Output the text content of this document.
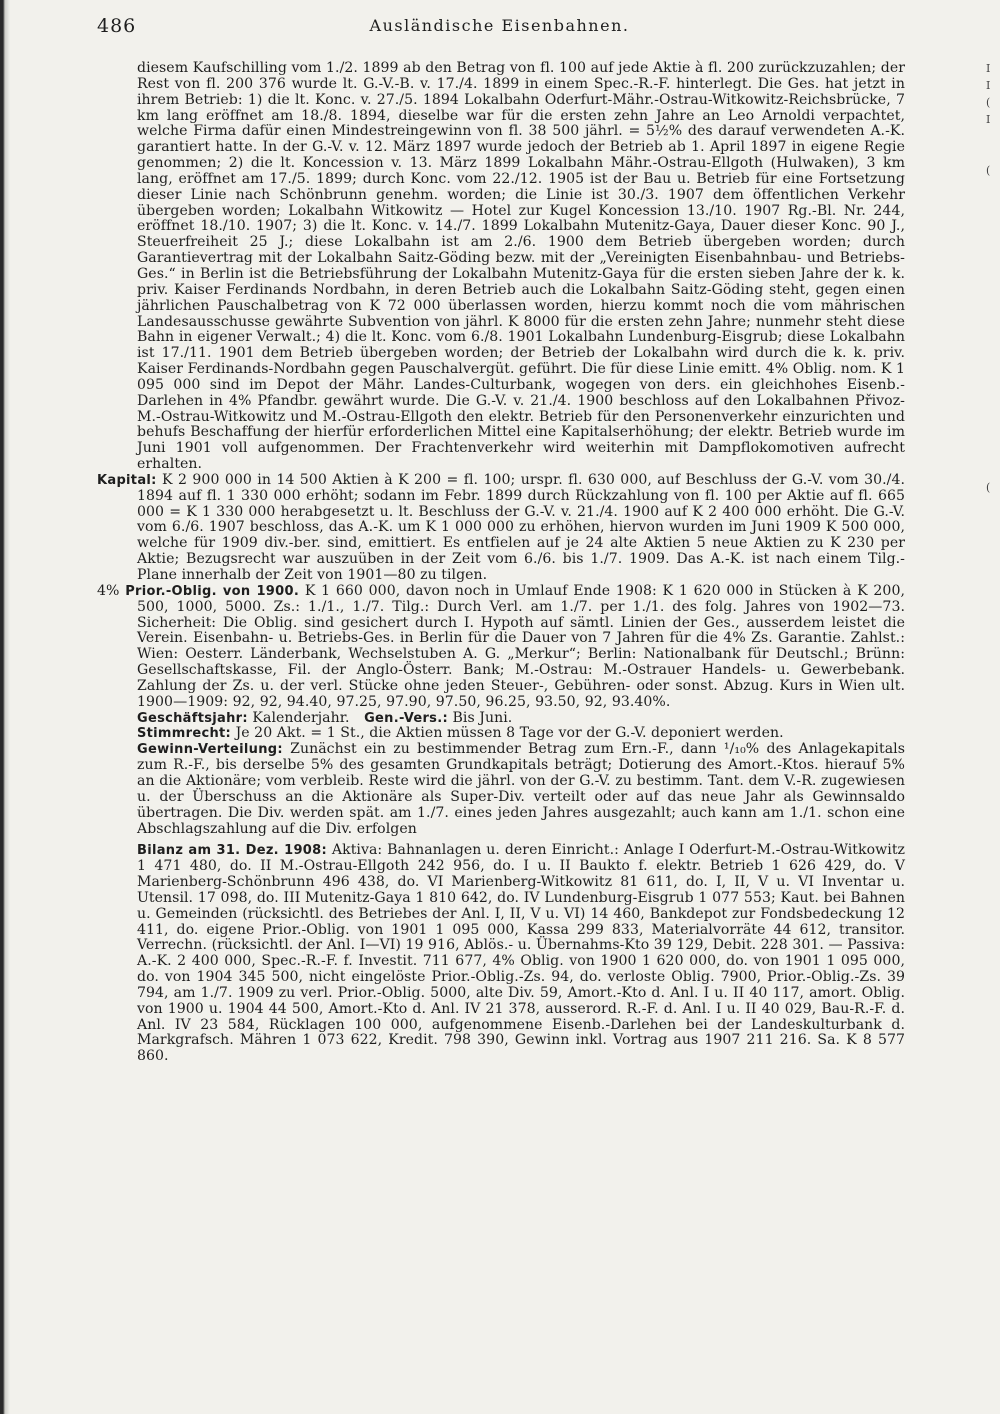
I
I
(
I
(
(
486	Ausländische Eisenbahnen.

diesem Kaufschilling vom 1./2. 1899 ab den Betrag von fl. 100 auf jede Aktie à fl. 200 zurückzuzahlen; der Rest von fl. 200 376 wurde lt. G.-V.-B. v. 17./4. 1899 in einem Spec.-R.-F. hinterlegt. Die Ges. hat jetzt in ihrem Betrieb: 1) die lt. Konc. v. 27./5. 1894 Lokalbahn Oderfurt-Mähr.-Ostrau-Witkowitz-Reichsbrücke, 7 km lang eröffnet am 18./8. 1894, dieselbe war für die ersten zehn Jahre an Leo Arnoldi verpachtet, welche Firma dafür einen Mindestreingewinn von fl. 38 500 jährl. = 5½% des darauf verwendeten A.-K. garantiert hatte. In der G.-V. v. 12. März 1897 wurde jedoch der Betrieb ab 1. April 1897 in eigene Regie genommen; 2) die lt. Koncession v. 13. März 1899 Lokalbahn Mähr.-Ostrau-Ellgoth (Hulwaken), 3 km lang, eröffnet am 17./5. 1899; durch Konc. vom 22./12. 1905 ist der Bau u. Betrieb für eine Fortsetzung dieser Linie nach Schönbrunn genehm. worden; die Linie ist 30./3. 1907 dem öffentlichen Verkehr übergeben worden; Lokalbahn Witkowitz — Hotel zur Kugel Koncession 13./10. 1907 Rg.-Bl. Nr. 244, eröffnet 18./10. 1907; 3) die lt. Konc. v. 14./7. 1899 Lokalbahn Mutenitz-Gaya, Dauer dieser Konc. 90 J., Steuerfreiheit 25 J.; diese Lokalbahn ist am 2./6. 1900 dem Betrieb übergeben worden; durch Garantievertrag mit der Lokalbahn Saitz-Göding bezw. mit der „Vereinigten Eisenbahnbau- und Betriebs-Ges.“ in Berlin ist die Betriebsführung der Lokalbahn Mutenitz-Gaya für die ersten sieben Jahre der k. k. priv. Kaiser Ferdinands Nordbahn, in deren Betrieb auch die Lokalbahn Saitz-Göding steht, gegen einen jährlichen Pauschalbetrag von K 72 000 überlassen worden, hierzu kommt noch die vom mährischen Landesausschusse gewährte Subvention von jährl. K 8000 für die ersten zehn Jahre; nunmehr steht diese Bahn in eigener Verwalt.; 4) die lt. Konc. vom 6./8. 1901 Lokalbahn Lundenburg-Eisgrub; diese Lokalbahn ist 17./11. 1901 dem Betrieb übergeben worden; der Betrieb der Lokalbahn wird durch die k. k. priv. Kaiser Ferdinands-Nordbahn gegen Pauschalvergüt. geführt. Die für diese Linie emitt. 4% Oblig. nom. K 1 095 000 sind im Depot der Mähr. Landes-Culturbank, wogegen von ders. ein gleichhohes Eisenb.-Darlehen in 4% Pfandbr. gewährt wurde. Die G.-V. v. 21./4. 1900 beschloss auf den Lokalbahnen Přivoz-M.-Ostrau-Witkowitz und M.-Ostrau-Ellgoth den elektr. Betrieb für den Personenverkehr einzurichten und behufs Beschaffung der hierfür erforderlichen Mittel eine Kapitalserhöhung; der elektr. Betrieb wurde im Juni 1901 voll aufgenommen. Der Frachtenverkehr wird weiterhin mit Dampflokomotiven aufrecht erhalten.

Kapital: K 2 900 000 in 14 500 Aktien à K 200 = fl. 100; urspr. fl. 630 000, auf Beschluss der G.-V. vom 30./4. 1894 auf fl. 1 330 000 erhöht; sodann im Febr. 1899 durch Rückzahlung von fl. 100 per Aktie auf fl. 665 000 = K 1 330 000 herabgesetzt u. lt. Beschluss der G.-V. v. 21./4. 1900 auf K 2 400 000 erhöht. Die G.-V. vom 6./6. 1907 beschloss, das A.-K. um K 1 000 000 zu erhöhen, hiervon wurden im Juni 1909 K 500 000, welche für 1909 div.-ber. sind, emittiert. Es entfielen auf je 24 alte Aktien 5 neue Aktien zu K 230 per Aktie; Bezugsrecht war auszuüben in der Zeit vom 6./6. bis 1./7. 1909. Das A.-K. ist nach einem Tilg.-Plane innerhalb der Zeit von 1901—80 zu tilgen.

4% Prior.-Oblig. von 1900. K 1 660 000, davon noch in Umlauf Ende 1908: K 1 620 000 in Stücken à K 200, 500, 1000, 5000. Zs.: 1./1., 1./7. Tilg.: Durch Verl. am 1./7. per 1./1. des folg. Jahres von 1902—73. Sicherheit: Die Oblig. sind gesichert durch I. Hypoth auf sämtl. Linien der Ges., ausserdem leistet die Verein. Eisenbahn- u. Betriebs-Ges. in Berlin für die Dauer von 7 Jahren für die 4% Zs. Garantie. Zahlst.: Wien: Oesterr. Länderbank, Wechselstuben A. G. „Merkur“; Berlin: Nationalbank für Deutschl.; Brünn: Gesellschaftskasse, Fil. der Anglo-Österr. Bank; M.-Ostrau: M.-Ostrauer Handels- u. Gewerbebank. Zahlung der Zs. u. der verl. Stücke ohne jeden Steuer-, Gebühren- oder sonst. Abzug. Kurs in Wien ult. 1900—1909: 92, 92, 94.40, 97.25, 97.90, 97.50, 96.25, 93.50, 92, 93.40%.

Geschäftsjahr: Kalenderjahr. Gen.-Vers.: Bis Juni.

Stimmrecht: Je 20 Akt. = 1 St., die Aktien müssen 8 Tage vor der G.-V. deponiert werden.

Gewinn-Verteilung: Zunächst ein zu bestimmender Betrag zum Ern.-F., dann ¹/₁₀% des Anlagekapitals zum R.-F., bis derselbe 5% des gesamten Grundkapitals beträgt; Dotierung des Amort.-Ktos. hierauf 5% an die Aktionäre; vom verbleib. Reste wird die jährl. von der G.-V. zu bestimm. Tant. dem V.-R. zugewiesen u. der Überschuss an die Aktionäre als Super-Div. verteilt oder auf das neue Jahr als Gewinnsaldo übertragen. Die Div. werden spät. am 1./7. eines jeden Jahres ausgezahlt; auch kann am 1./1. schon eine Abschlagszahlung auf die Div. erfolgen

Bilanz am 31. Dez. 1908: Aktiva: Bahnanlagen u. deren Einricht.: Anlage I Oderfurt-M.-Ostrau-Witkowitz 1 471 480, do. II M.-Ostrau-Ellgoth 242 956, do. I u. II Baukto f. elektr. Betrieb 1 626 429, do. V Marienberg-Schönbrunn 496 438, do. VI Marienberg-Witkowitz 81 611, do. I, II, V u. VI Inventar u. Utensil. 17 098, do. III Mutenitz-Gaya 1 810 642, do. IV Lundenburg-Eisgrub 1 077 553; Kaut. bei Bahnen u. Gemeinden (rücksichtl. des Betriebes der Anl. I, II, V u. VI) 14 460, Bankdepot zur Fondsbedeckung 12 411, do. eigene Prior.-Oblig. von 1901 1 095 000, Kassa 299 833, Materialvorräte 44 612, transitor. Verrechn. (rücksichtl. der Anl. I—VI) 19 916, Ablös.- u. Übernahms-Kto 39 129, Debit. 228 301. — Passiva: A.-K. 2 400 000, Spec.-R.-F. f. Investit. 711 677, 4% Oblig. von 1900 1 620 000, do. von 1901 1 095 000, do. von 1904 345 500, nicht eingelöste Prior.-Oblig.-Zs. 94, do. verloste Oblig. 7900, Prior.-Oblig.-Zs. 39 794, am 1./7. 1909 zu verl. Prior.-Oblig. 5000, alte Div. 59, Amort.-Kto d. Anl. I u. II 40 117, amort. Oblig. von 1900 u. 1904 44 500, Amort.-Kto d. Anl. IV 21 378, ausserord. R.-F. d. Anl. I u. II 40 029, Bau-R.-F. d. Anl. IV 23 584, Rücklagen 100 000, aufgenommene Eisenb.-Darlehen bei der Landeskulturbank d. Markgrafsch. Mähren 1 073 622, Kredit. 798 390, Gewinn inkl. Vortrag aus 1907 211 216. Sa. K 8 577 860.
